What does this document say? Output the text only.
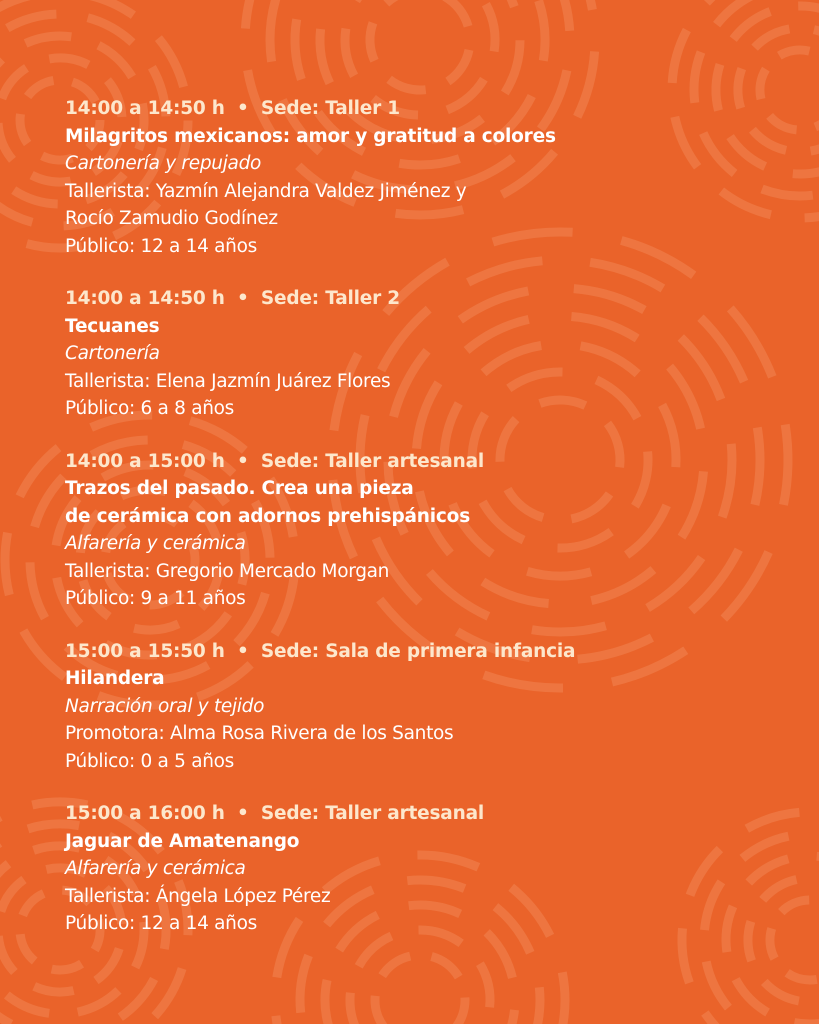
14:00 a 14:50 h • Sede: Taller 1
Milagritos mexicanos: amor y gratitud a colores
Cartonería y repujado
Tallerista: Yazmín Alejandra Valdez Jiménez y
Rocío Zamudio Godínez
Público: 12 a 14 años
14:00 a 14:50 h • Sede: Taller 2
Tecuanes
Cartonería
Tallerista: Elena Jazmín Juárez Flores
Público: 6 a 8 años
14:00 a 15:00 h • Sede: Taller artesanal
Trazos del pasado. Crea una pieza
de cerámica con adornos prehispánicos
Alfarería y cerámica
Tallerista: Gregorio Mercado Morgan
Público: 9 a 11 años
15:00 a 15:50 h • Sede: Sala de primera infancia
Hilandera
Narración oral y tejido
Promotora: Alma Rosa Rivera de los Santos
Público: 0 a 5 años
15:00 a 16:00 h • Sede: Taller artesanal
Jaguar de Amatenango
Alfarería y cerámica
Tallerista: Ángela López Pérez
Público: 12 a 14 años
